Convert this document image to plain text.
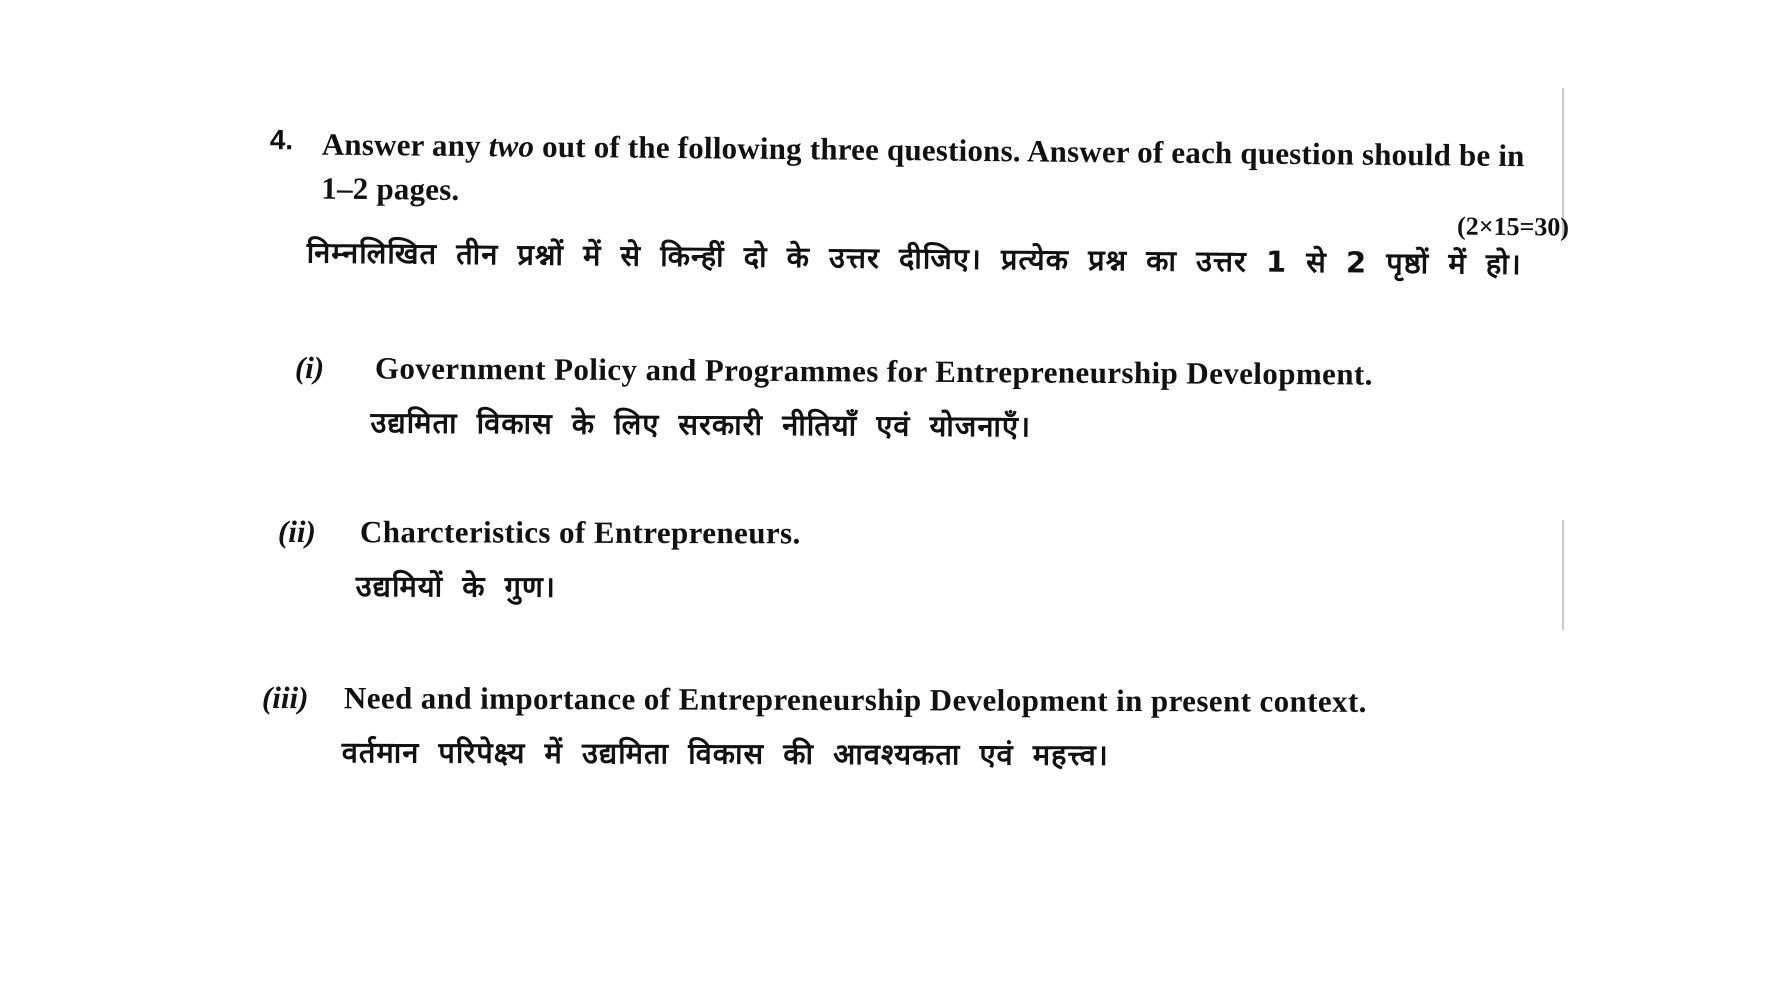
4. Answer any two out of the following three questions. Answer of each question should be in 1–2 pages.
(2×15=30)
निम्नलिखित तीन प्रश्नों में से किन्हीं दो के उत्तर दीजिए। प्रत्येक प्रश्न का उत्तर 1 से 2 पृष्ठों में हो।
(i) Government Policy and Programmes for Entrepreneurship Development.
उद्यमिता विकास के लिए सरकारी नीतियाँ एवं योजनाएँ।
(ii) Charcteristics of Entrepreneurs.
उद्यमियों के गुण।
(iii) Need and importance of Entrepreneurship Development in present context.
वर्तमान परिपेक्ष्य में उद्यमिता विकास की आवश्यकता एवं महत्त्व।
